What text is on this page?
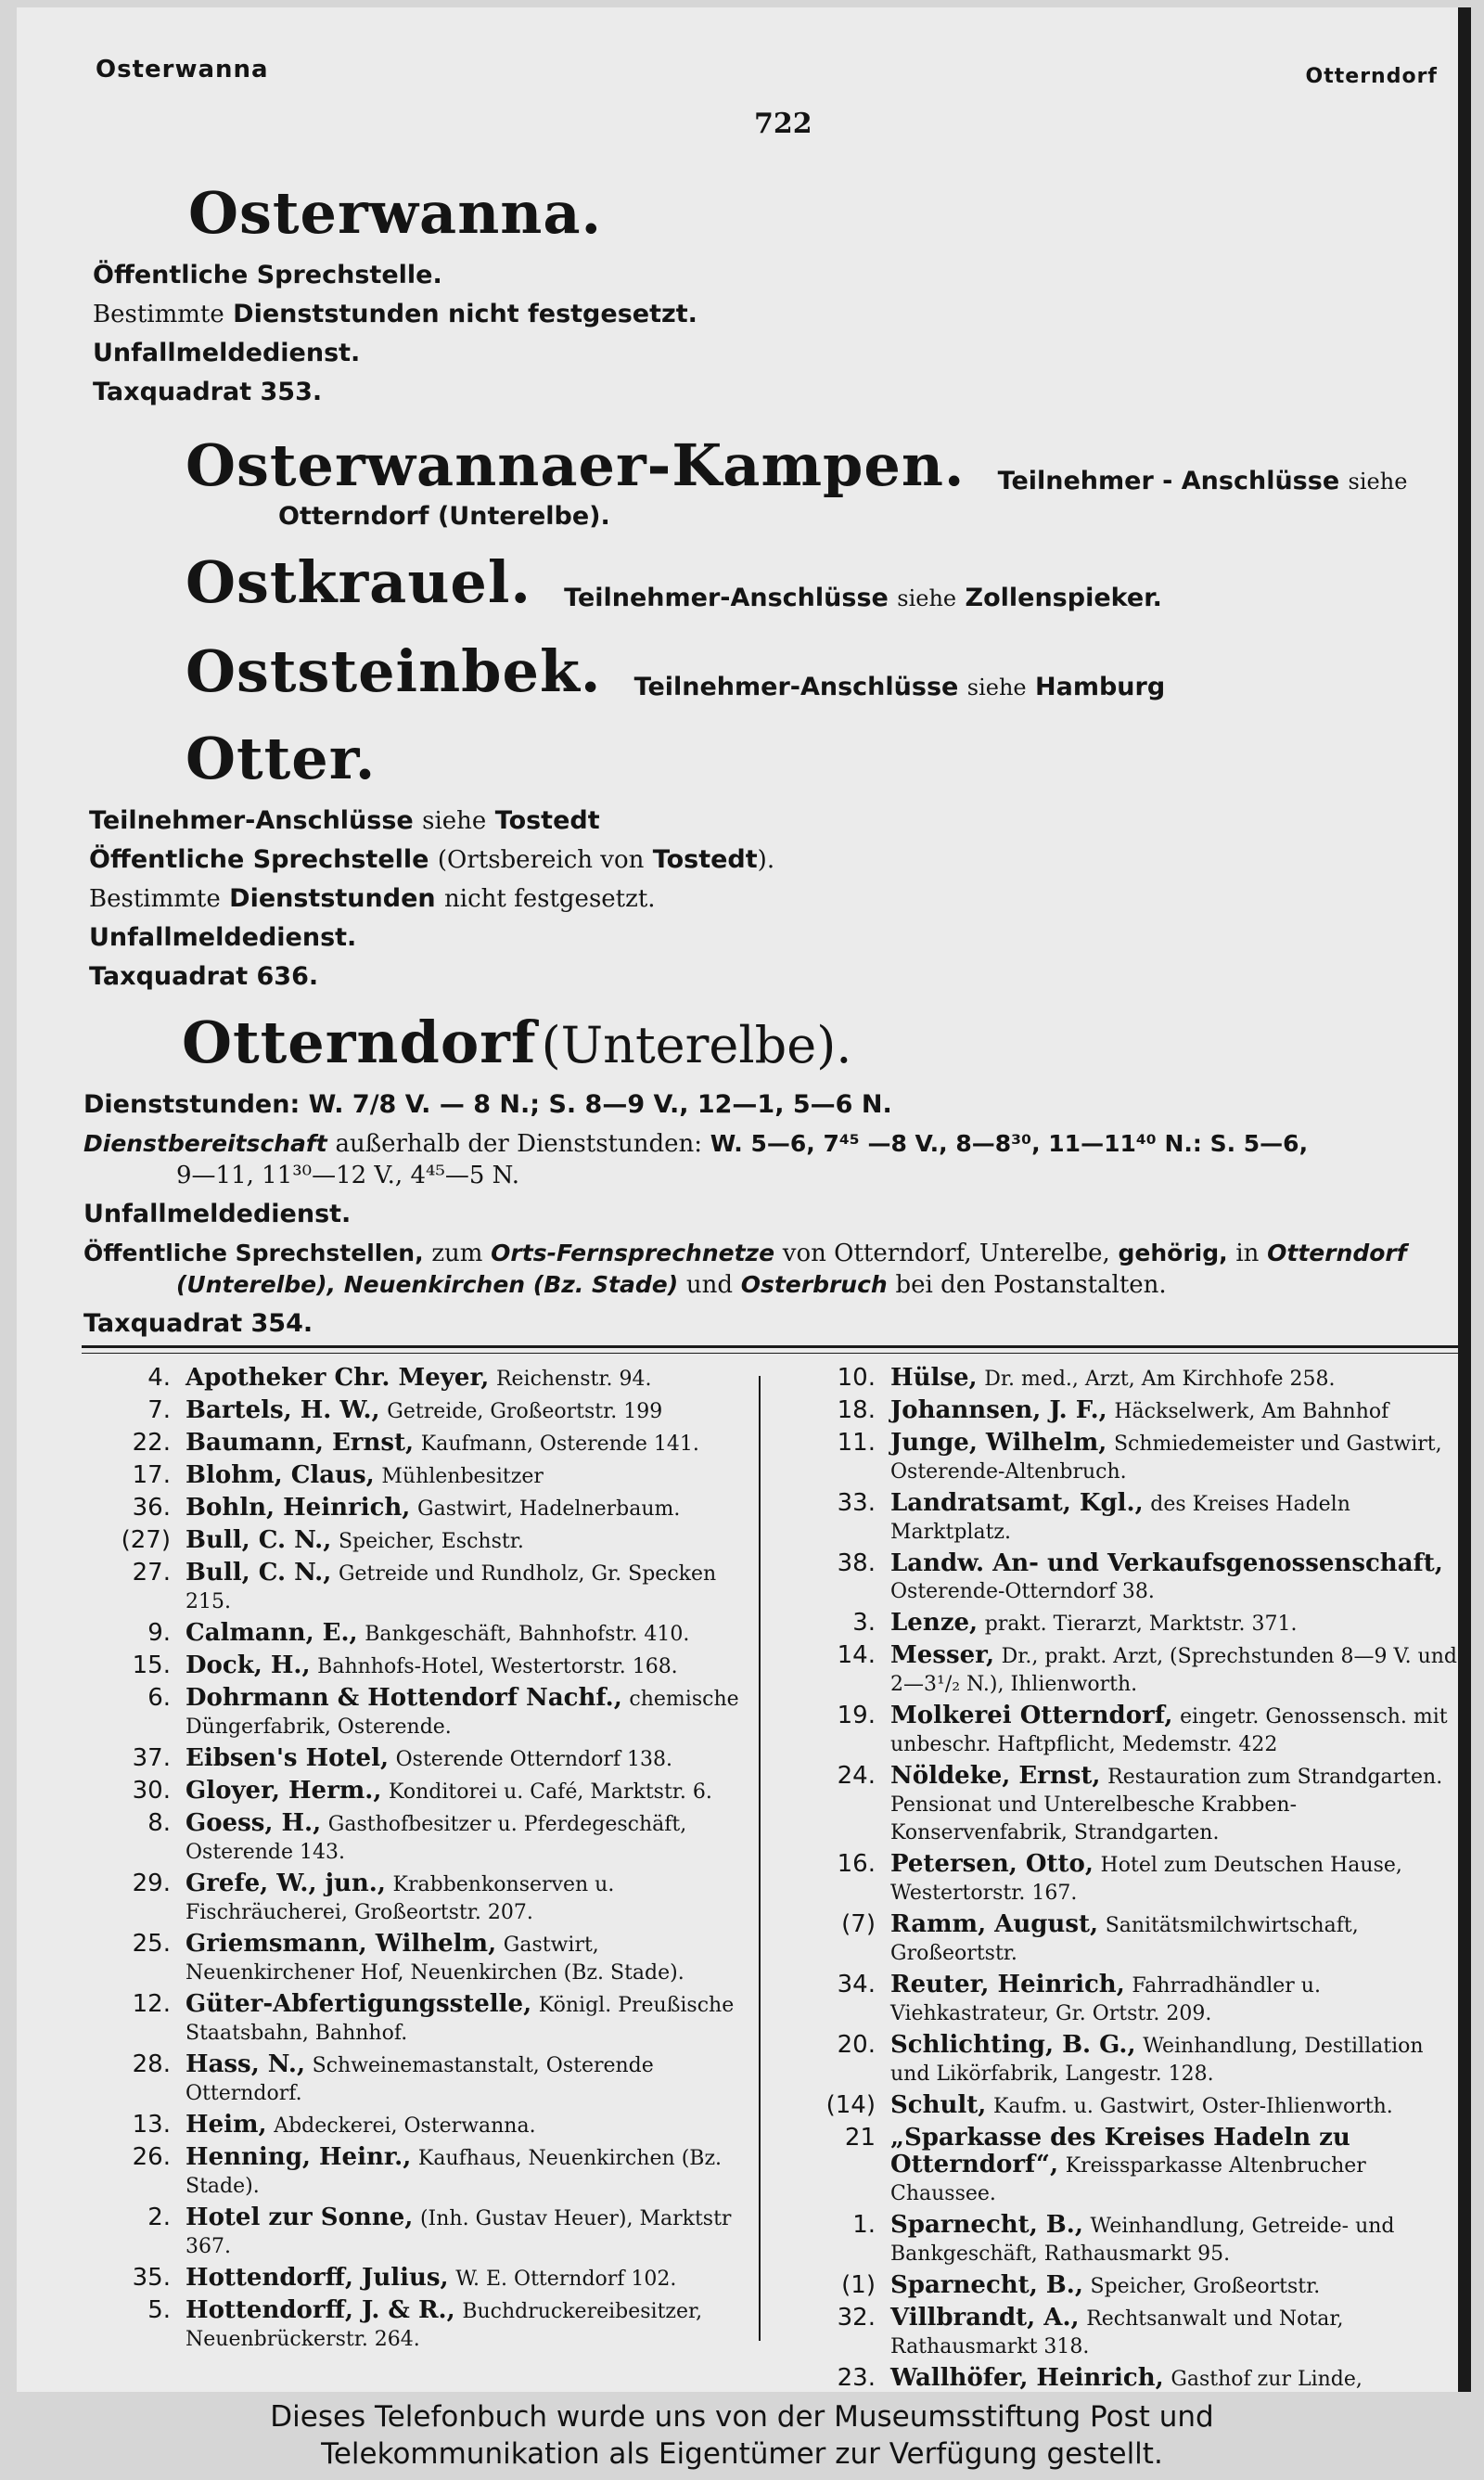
Osterwanna	Otterndorf
722
Osterwanna.
Öffentliche Sprechstelle.
Bestimmte Dienststunden nicht festgesetzt.
Unfallmeldedienst.
Taxquadrat 353.
Osterwannaer-Kampen. Teilnehmer - Anschlüsse siehe
Otterndorf (Unterelbe).
Ostkrauel. Teilnehmer-Anschlüsse siehe Zollenspieker.
Oststeinbek. Teilnehmer-Anschlüsse siehe Hamburg
Otter.
Teilnehmer-Anschlüsse siehe Tostedt
Öffentliche Sprechstelle (Ortsbereich von Tostedt).
Bestimmte Dienststunden nicht festgesetzt.
Unfallmeldedienst.
Taxquadrat 636.
Otterndorf (Unterelbe).
Dienststunden: W. 7/8 V. — 8 N.; S. 8—9 V., 12—1, 5—6 N.
Dienstbereitschaft außerhalb der Dienststunden: W. 5—6, 7⁴⁵ —8 V., 8—8³⁰, 11—11⁴⁰ N.: S. 5—6,
9—11, 11³⁰—12 V., 4⁴⁵—5 N.
Unfallmeldedienst.
Öffentliche Sprechstellen, zum Orts-Fernsprechnetze von Otterndorf, Unterelbe, gehörig, in Otterndorf
(Unterelbe), Neuenkirchen (Bz. Stade) und Osterbruch bei den Postanstalten.
Taxquadrat 354.
4. Apotheker Chr. Meyer, Reichenstr. 94.
7. Bartels, H. W., Getreide, Großeortstr. 199
22. Baumann, Ernst, Kaufmann, Osterende 141.
17. Blohm, Claus, Mühlenbesitzer
36. Bohln, Heinrich, Gastwirt, Hadelnerbaum.
(27) Bull, C. N., Speicher, Eschstr.
27. Bull, C. N., Getreide und Rundholz, Gr. Specken 215.
9. Calmann, E., Bankgeschäft, Bahnhofstr. 410.
15. Dock, H., Bahnhofs-Hotel, Westertorstr. 168.
6. Dohrmann & Hottendorf Nachf., chemische Düngerfabrik, Osterende.
37. Eibsen's Hotel, Osterende Otterndorf 138.
30. Gloyer, Herm., Konditorei u. Café, Marktstr. 6.
8. Goess, H., Gasthofbesitzer u. Pferdegeschäft, Osterende 143.
29. Grefe, W., jun., Krabbenkonserven u. Fischräucherei, Großeortstr. 207.
25. Griemsmann, Wilhelm, Gastwirt, Neuenkirchener Hof, Neuenkirchen (Bz. Stade).
12. Güter-Abfertigungsstelle, Königl. Preußische Staatsbahn, Bahnhof.
28. Hass, N., Schweinemastanstalt, Osterende Otterndorf.
13. Heim, Abdeckerei, Osterwanna.
26. Henning, Heinr., Kaufhaus, Neuenkirchen (Bz. Stade).
2. Hotel zur Sonne, (Inh. Gustav Heuer), Marktstr 367.
35. Hottendorff, Julius, W. E. Otterndorf 102.
5. Hottendorff, J. & R., Buchdruckereibesitzer, Neuenbrückerstr. 264.
10. Hülse, Dr. med., Arzt, Am Kirchhofe 258.
18. Johannsen, J. F., Häckselwerk, Am Bahnhof
11. Junge, Wilhelm, Schmiedemeister und Gastwirt, Osterende-Altenbruch.
33. Landratsamt, Kgl., des Kreises Hadeln Marktplatz.
38. Landw. An- und Verkaufsgenossenschaft, Osterende-Otterndorf 38.
3. Lenze, prakt. Tierarzt, Marktstr. 371.
14. Messer, Dr., prakt. Arzt, (Sprechstunden 8—9 V. und 2—3¹/₂ N.), Ihlienworth.
19. Molkerei Otterndorf, eingetr. Genossensch. mit unbeschr. Haftpflicht, Medemstr. 422
24. Nöldeke, Ernst, Restauration zum Strandgarten. Pensionat und Unterelbesche Krabben-Konservenfabrik, Strandgarten.
16. Petersen, Otto, Hotel zum Deutschen Hause, Westertorstr. 167.
(7) Ramm, August, Sanitätsmilchwirtschaft, Großeortstr.
34. Reuter, Heinrich, Fahrradhändler u. Viehkastrateur, Gr. Ortstr. 209.
20. Schlichting, B. G., Weinhandlung, Destillation und Likörfabrik, Langestr. 128.
(14) Schult, Kaufm. u. Gastwirt, Oster-Ihlienworth.
21 „Sparkasse des Kreises Hadeln zu Otterndorf“, Kreissparkasse Altenbrucher Chaussee.
1. Sparnecht, B., Weinhandlung, Getreide- und Bankgeschäft, Rathausmarkt 95.
(1) Sparnecht, B., Speicher, Großeortstr.
32. Villbrandt, A., Rechtsanwalt und Notar, Rathausmarkt 318.
23. Wallhöfer, Heinrich, Gasthof zur Linde,
Dieses Telefonbuch wurde uns von der Museumsstiftung Post und
Telekommunikation als Eigentümer zur Verfügung gestellt.
